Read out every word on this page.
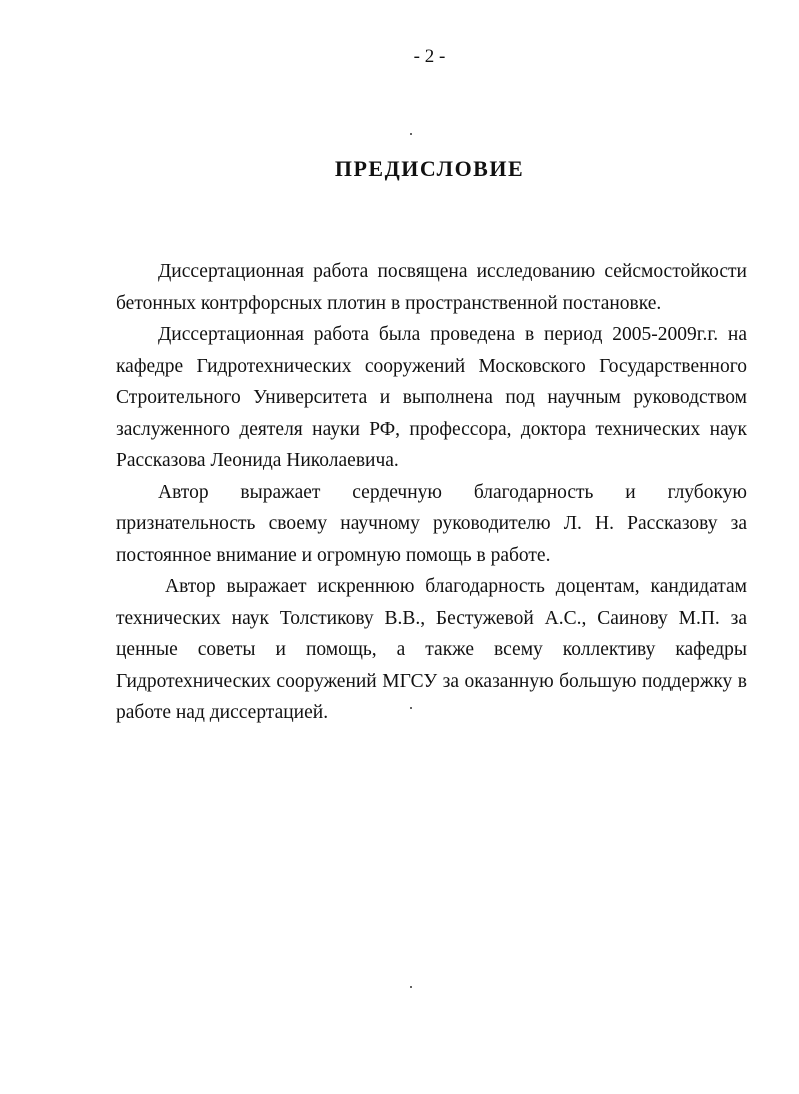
- 2 -
ПРЕДИСЛОВИЕ

Диссертационная работа посвящена исследованию сейсмостойкости бетонных контрфорсных плотин в пространственной постановке.

Диссертационная работа была проведена в период 2005-2009г.г. на кафедре Гидротехнических сооружений Московского Государственного Строительного Университета и выполнена под научным руководством заслуженного деятеля науки РФ, профессора, доктора технических наук Рассказова Леонида Николаевича.

Автор выражает сердечную благодарность и глубокую признательность своему научному руководителю Л. Н. Рассказову за постоянное внимание и огромную помощь в работе.

Автор выражает искреннюю благодарность доцентам, кандидатам технических наук Толстикову В.В., Бестужевой А.С., Саинову М.П. за ценные советы и помощь, а также всему коллективу кафедры Гидротехнических сооружений МГСУ за оказанную большую поддержку в работе над диссертацией.
